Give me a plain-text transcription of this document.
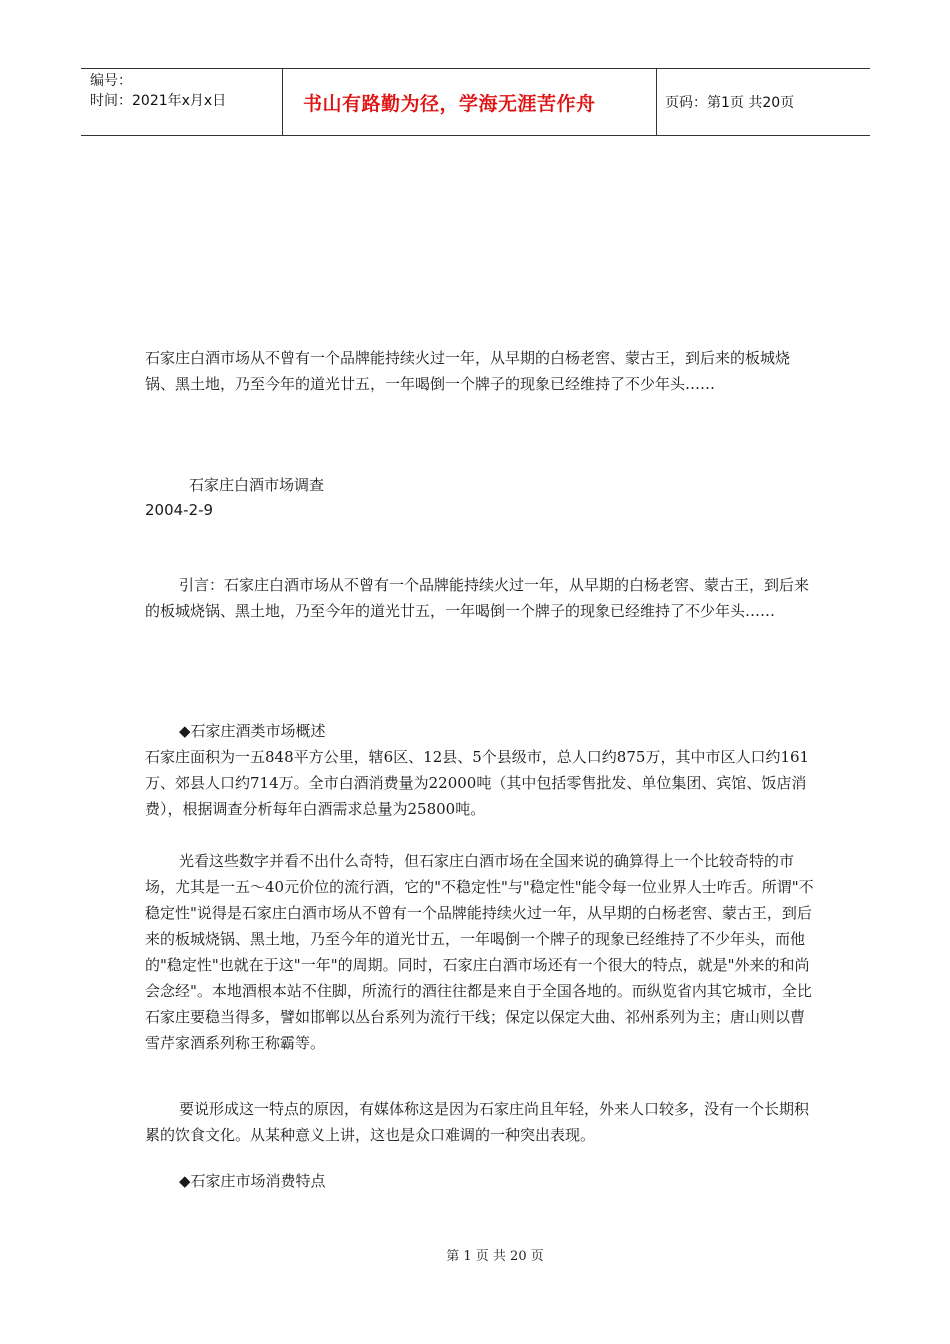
编号：
时间：2021年x月x日	书山有路勤为径，学海无涯苦作舟	页码：第1页 共20页

石家庄白酒市场从不曾有一个品牌能持续火过一年，从早期的白杨老窖、蒙古王，到后来的板城烧锅、黑土地，乃至今年的道光廿五，一年喝倒一个牌子的现象已经维持了不少年头……

石家庄白酒市场调查

2004-2-9

引言：石家庄白酒市场从不曾有一个品牌能持续火过一年，从早期的白杨老窖、蒙古王，到后来的板城烧锅、黑土地，乃至今年的道光廿五，一年喝倒一个牌子的现象已经维持了不少年头……

◆石家庄酒类市场概述

石家庄面积为一五848平方公里，辖6区、12县、5个县级市，总人口约875万，其中市区人口约161万、郊县人口约714万。全市白酒消费量为22000吨（其中包括零售批发、单位集团、宾馆、饭店消费），根据调查分析每年白酒需求总量为25800吨。

光看这些数字并看不出什么奇特，但石家庄白酒市场在全国来说的确算得上一个比较奇特的市场，尤其是一五～40元价位的流行酒，它的"不稳定性"与"稳定性"能令每一位业界人士咋舌。所谓"不稳定性"说得是石家庄白酒市场从不曾有一个品牌能持续火过一年，从早期的白杨老窖、蒙古王，到后来的板城烧锅、黑土地，乃至今年的道光廿五，一年喝倒一个牌子的现象已经维持了不少年头，而他的"稳定性"也就在于这"一年"的周期。同时，石家庄白酒市场还有一个很大的特点，就是"外来的和尚会念经"。本地酒根本站不住脚，所流行的酒往往都是来自于全国各地的。而纵览省内其它城市，全比石家庄要稳当得多，譬如邯郸以丛台系列为流行干线；保定以保定大曲、祁州系列为主；唐山则以曹雪芹家酒系列称王称霸等。

要说形成这一特点的原因，有媒体称这是因为石家庄尚且年轻，外来人口较多，没有一个长期积累的饮食文化。从某种意义上讲，这也是众口难调的一种突出表现。

◆石家庄市场消费特点

第 1 页 共 20 页
